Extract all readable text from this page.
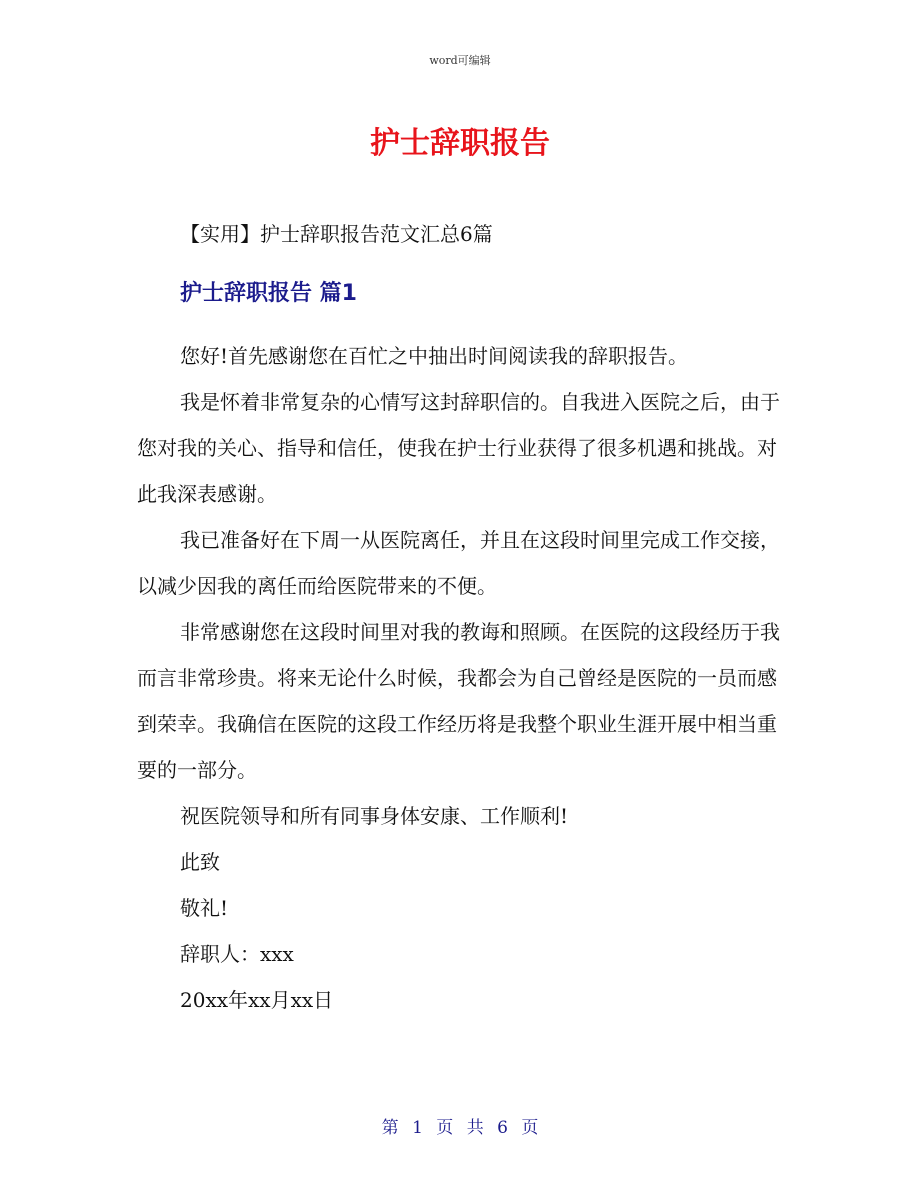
word可编辑
护士辞职报告
【实用】护士辞职报告范文汇总6篇
护士辞职报告 篇1

您好!首先感谢您在百忙之中抽出时间阅读我的辞职报告。

我是怀着非常复杂的心情写这封辞职信的。自我进入医院之后，由于您对我的关心、指导和信任，使我在护士行业获得了很多机遇和挑战。对此我深表感谢。

我已准备好在下周一从医院离任，并且在这段时间里完成工作交接，以减少因我的离任而给医院带来的不便。

非常感谢您在这段时间里对我的教诲和照顾。在医院的这段经历于我而言非常珍贵。将来无论什么时候，我都会为自己曾经是医院的一员而感到荣幸。我确信在医院的这段工作经历将是我整个职业生涯开展中相当重要的一部分。

祝医院领导和所有同事身体安康、工作顺利!

此致

敬礼!

辞职人：xxx

20xx年xx月xx日

第 1 页 共 6 页
